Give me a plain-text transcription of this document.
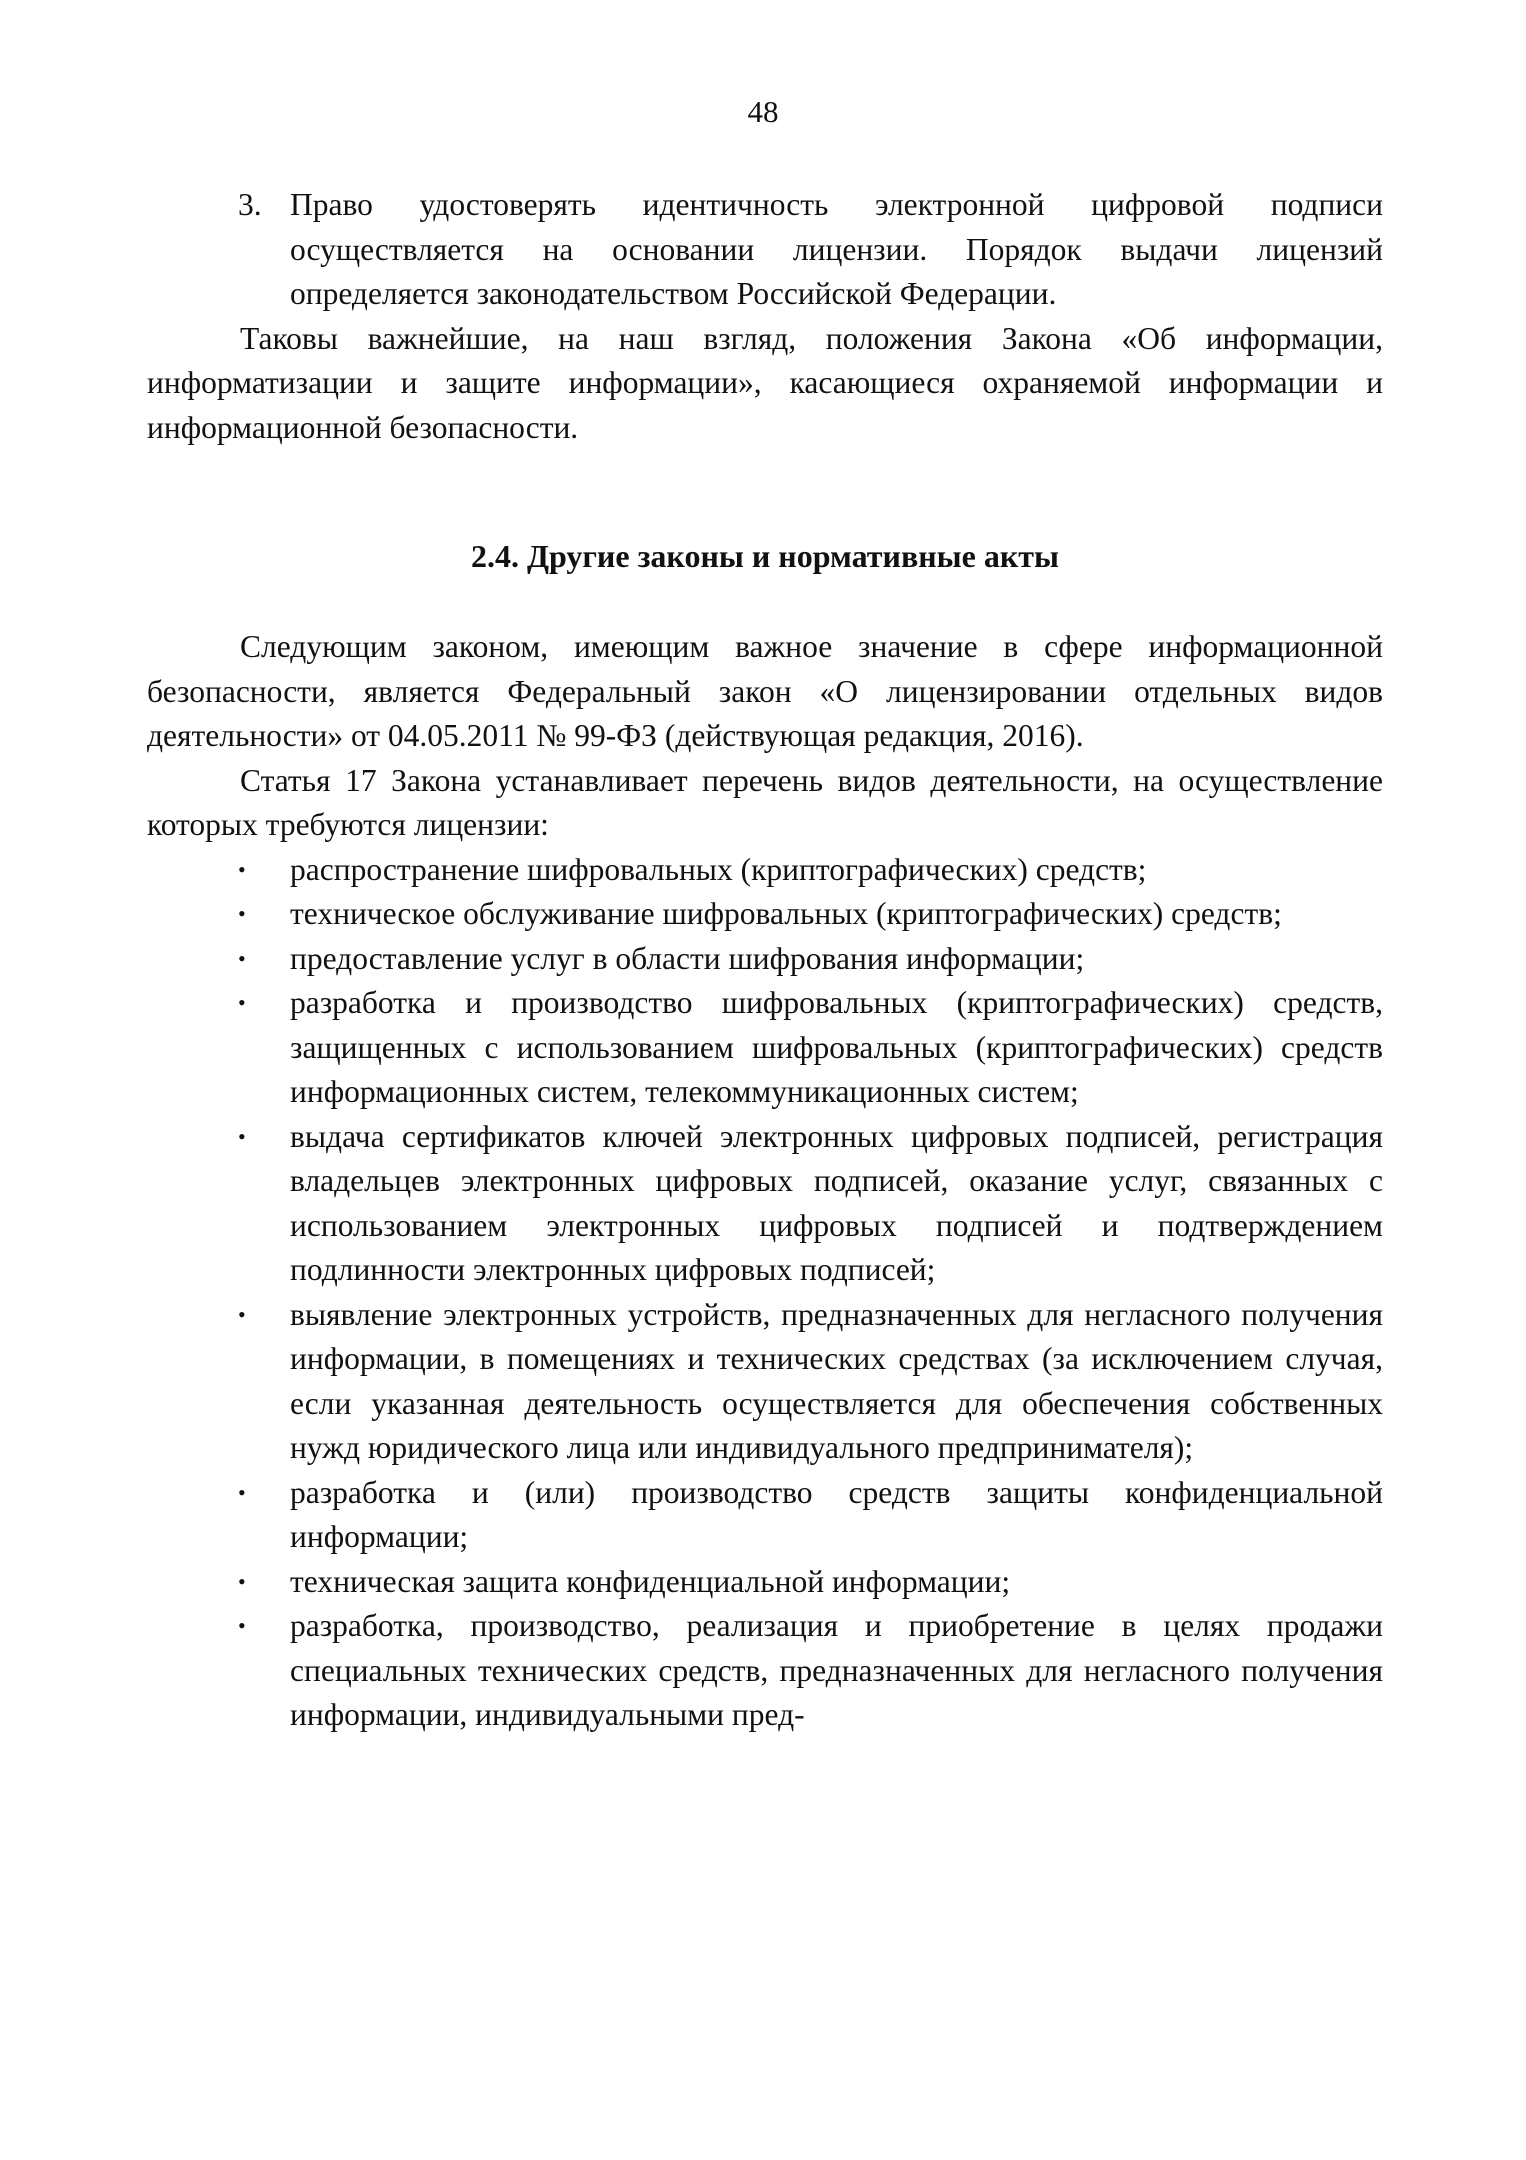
48

3. Право удостоверять идентичность электронной цифровой подписи осуществляется на основании лицензии. Порядок выдачи лицензий определяется законодательством Российской Федерации.

Таковы важнейшие, на наш взгляд, положения Закона «Об информации, информатизации и защите информации», касающиеся охраняемой информации и информационной безопасности.

2.4. Другие законы и нормативные акты

Следующим законом, имеющим важное значение в сфере информационной безопасности, является Федеральный закон «О лицензировании отдельных видов деятельности» от 04.05.2011 № 99-ФЗ (действующая редакция, 2016).

Статья 17 Закона устанавливает перечень видов деятельности, на осуществление которых требуются лицензии:

• распространение шифровальных (криптографических) средств;
• техническое обслуживание шифровальных (криптографических) средств;
• предоставление услуг в области шифрования информации;
• разработка и производство шифровальных (криптографических) средств, защищенных с использованием шифровальных (криптографических) средств информационных систем, телекоммуникационных систем;
• выдача сертификатов ключей электронных цифровых подписей, регистрация владельцев электронных цифровых подписей, оказание услуг, связанных с использованием электронных цифровых подписей и подтверждением подлинности электронных цифровых подписей;
• выявление электронных устройств, предназначенных для негласного получения информации, в помещениях и технических средствах (за исключением случая, если указанная деятельность осуществляется для обеспечения собственных нужд юридического лица или индивидуального предпринимателя);
• разработка и (или) производство средств защиты конфиденциальной информации;
• техническая защита конфиденциальной информации;
• разработка, производство, реализация и приобретение в целях продажи специальных технических средств, предназначенных для негласного получения информации, индивидуальными пред-
